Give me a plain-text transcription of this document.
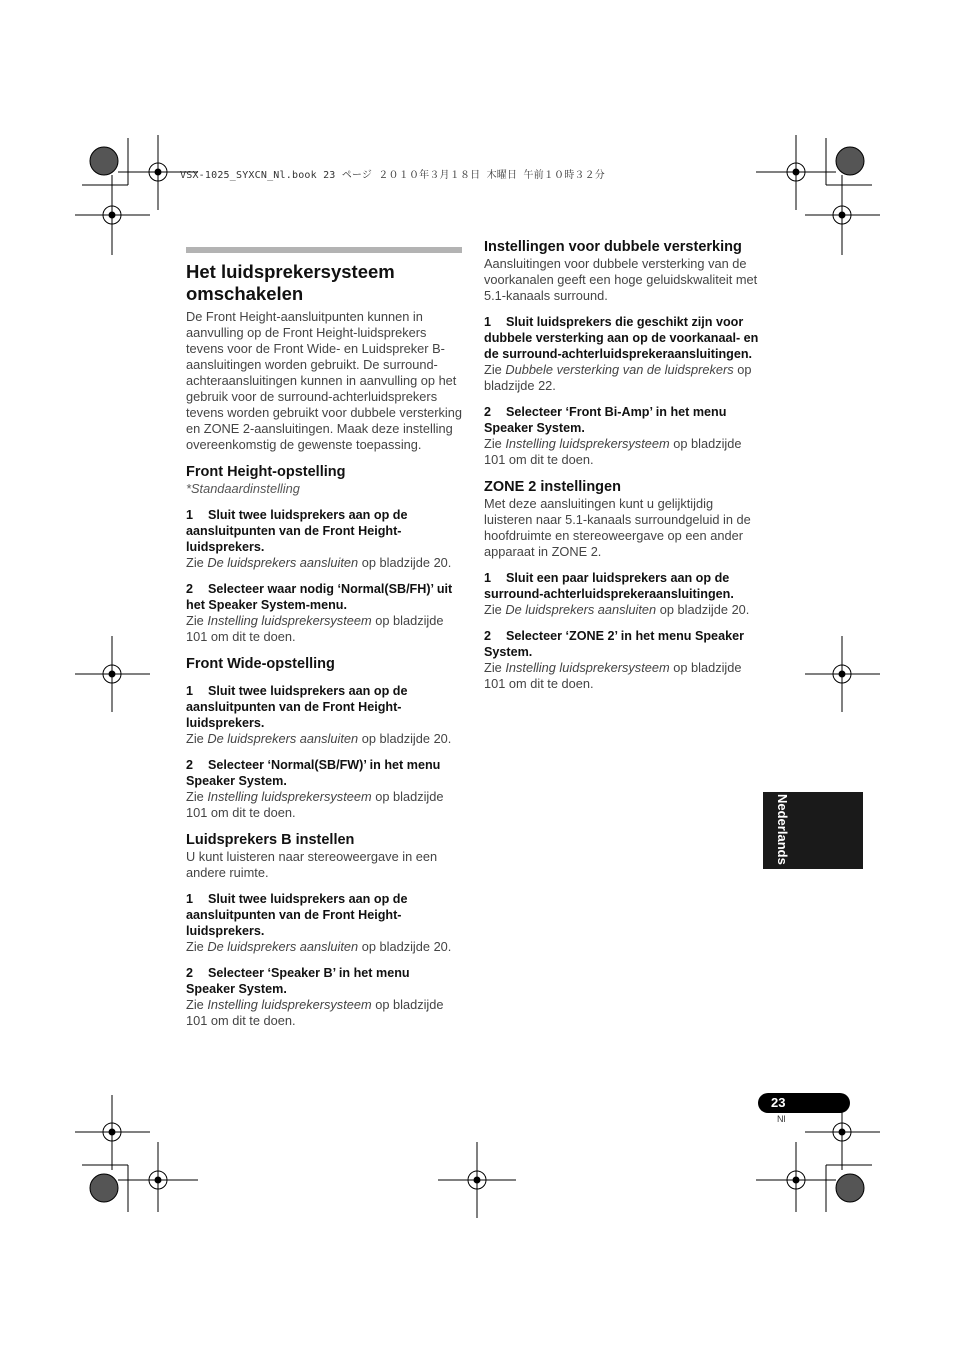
VSX-1025_SYXCN_Nl.book 23 ページ ２０１０年３月１８日 木曜日 午前１０時３２分
Het luidsprekersysteem
omschakelen

De Front Height-aansluitpunten kunnen in aanvulling op de Front Height-luidsprekers tevens voor de Front Wide- en Luidspreker B-aansluitingen worden gebruikt. De surround-achteraansluitingen kunnen in aanvulling op het gebruik voor de surround-achterluidsprekers tevens worden gebruikt voor dubbele versterking en ZONE 2-aansluitingen. Maak deze instelling overeenkomstig de gewenste toepassing.

Front Height-opstelling

*Standaardinstelling

1 Sluit twee luidsprekers aan op de aansluitpunten van de Front Height-luidsprekers.
Zie De luidsprekers aansluiten op bladzijde 20.
2 Selecteer waar nodig ‘Normal(SB/FH)’ uit het Speaker System-menu.
Zie Instelling luidsprekersysteem op bladzijde 101 om dit te doen.
Front Wide-opstelling
1 Sluit twee luidsprekers aan op de aansluitpunten van de Front Height-luidsprekers.
Zie De luidsprekers aansluiten op bladzijde 20.
2 Selecteer ‘Normal(SB/FW)’ in het menu Speaker System.
Zie Instelling luidsprekersysteem op bladzijde 101 om dit te doen.
Luidsprekers B instellen

U kunt luisteren naar stereoweergave in een andere ruimte.

1 Sluit twee luidsprekers aan op de aansluitpunten van de Front Height-luidsprekers.
Zie De luidsprekers aansluiten op bladzijde 20.
2 Selecteer ‘Speaker B’ in het menu Speaker System.
Zie Instelling luidsprekersysteem op bladzijde 101 om dit te doen.
Instellingen voor dubbele versterking

Aansluitingen voor dubbele versterking van de voorkanalen geeft een hoge geluidskwaliteit met 5.1-kanaals surround.

1 Sluit luidsprekers die geschikt zijn voor dubbele versterking aan op de voorkanaal- en de surround-achterluidsprekeraansluitingen.
Zie Dubbele versterking van de luidsprekers op bladzijde 22.
2 Selecteer ‘Front Bi-Amp’ in het menu Speaker System.
Zie Instelling luidsprekersysteem op bladzijde 101 om dit te doen.
ZONE 2 instellingen

Met deze aansluitingen kunt u gelijktijdig luisteren naar 5.1-kanaals surroundgeluid in de hoofdruimte en stereoweergave op een ander apparaat in ZONE 2.

1 Sluit een paar luidsprekers aan op de surround-achterluidsprekeraansluitingen.
Zie De luidsprekers aansluiten op bladzijde 20.
2 Selecteer ‘ZONE 2’ in het menu Speaker System.
Zie Instelling luidsprekersysteem op bladzijde 101 om dit te doen.
Nederlands
23
Nl
